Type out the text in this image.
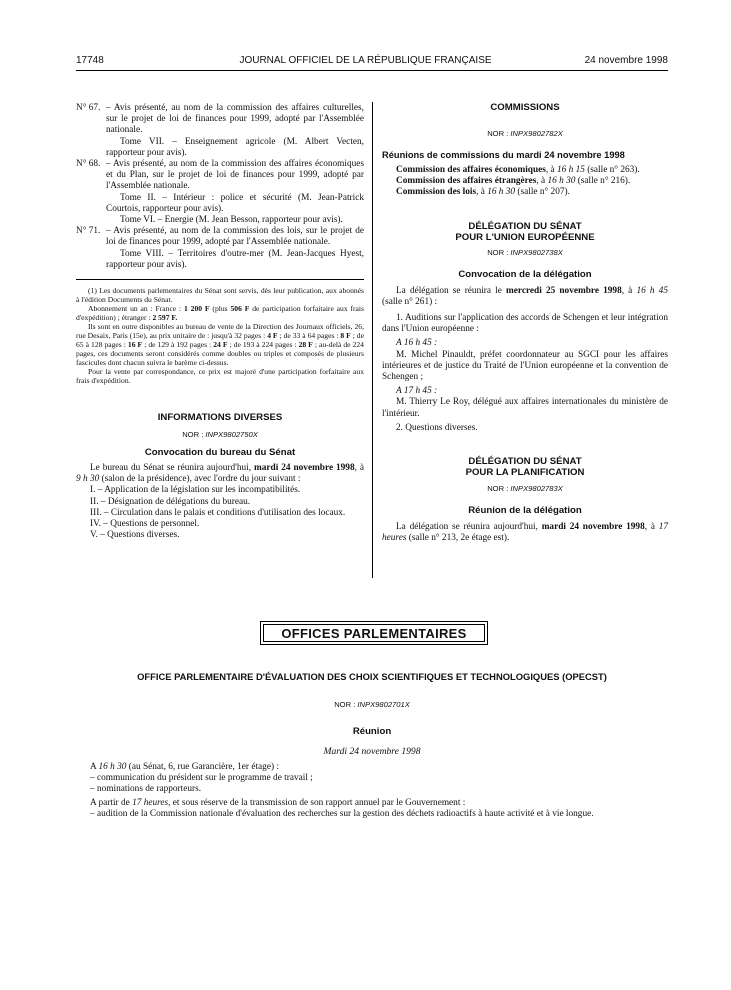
17748	JOURNAL OFFICIEL DE LA RÉPUBLIQUE FRANÇAISE	24 novembre 1998
N° 67. – Avis présenté, au nom de la commission des affaires culturelles, sur le projet de loi de finances pour 1999, adopté par l'Assemblée nationale.

Tome VII. – Enseignement agricole (M. Albert Vecten, rapporteur pour avis).

N° 68. – Avis présenté, au nom de la commission des affaires économiques et du Plan, sur le projet de loi de finances pour 1999, adopté par l'Assemblée nationale.

Tome II. – Intérieur : police et sécurité (M. Jean-Patrick Courtois, rapporteur pour avis).

Tome VI. – Energie (M. Jean Besson, rapporteur pour avis).

N° 71. – Avis présenté, au nom de la commission des lois, sur le projet de loi de finances pour 1999, adopté par l'Assemblée nationale.

Tome VIII. – Territoires d'outre-mer (M. Jean-Jacques Hyest, rapporteur pour avis).

(1) Les documents parlementaires du Sénat sont servis, dès leur publication, aux abonnés à l'édition Documents du Sénat.

Abonnement un an : France : 1 200 F (plus 506 F de participation forfaitaire aux frais d'expédition) ; étranger : 2 597 F.

Ils sont en outre disponibles au bureau de vente de la Direction des Journaux officiels, 26, rue Desaix, Paris (15e), au prix unitaire de : jusqu'à 32 pages : 4 F ; de 33 à 64 pages : 8 F ; de 65 à 128 pages : 16 F ; de 129 à 192 pages : 24 F ; de 193 à 224 pages : 28 F ; au-delà de 224 pages, ces documents seront considérés comme doubles ou triples et composés de plusieurs fascicules dont chacun suivra le barème ci-dessus.

Pour la vente par correspondance, ce prix est majoré d'une participation forfaitaire aux frais d'expédition.

INFORMATIONS DIVERSES
NOR : INPX9802750X
Convocation du bureau du Sénat

Le bureau du Sénat se réunira aujourd'hui, mardi 24 novembre 1998, à 9 h 30 (salon de la présidence), avec l'ordre du jour suivant :

I. – Application de la législation sur les incompatibilités.

II. – Désignation de délégations du bureau.

III. – Circulation dans le palais et conditions d'utilisation des locaux.

IV. – Questions de personnel.

V. – Questions diverses.

COMMISSIONS
NOR : INPX9802782X
Réunions de commissions du mardi 24 novembre 1998

Commission des affaires économiques, à 16 h 15 (salle n° 263).

Commission des affaires étrangères, à 16 h 30 (salle n° 216).

Commission des lois, à 16 h 30 (salle n° 207).

DÉLÉGATION DU SÉNAT
POUR L'UNION EUROPÉENNE
NOR : INPX9802738X
Convocation de la délégation

La délégation se réunira le mercredi 25 novembre 1998, à 16 h 45 (salle n° 261) :

1. Auditions sur l'application des accords de Schengen et leur intégration dans l'Union européenne :

A 16 h 45 :

M. Michel Pinauldt, préfet coordonnateur au SGCI pour les affaires intérieures et de justice du Traité de l'Union européenne et la convention de Schengen ;

A 17 h 45 :

M. Thierry Le Roy, délégué aux affaires internationales du ministère de l'intérieur.

2. Questions diverses.

DÉLÉGATION DU SÉNAT
POUR LA PLANIFICATION
NOR : INPX9802783X
Réunion de la délégation

La délégation se réunira aujourd'hui, mardi 24 novembre 1998, à 17 heures (salle n° 213, 2e étage est).

OFFICES PARLEMENTAIRES
OFFICE PARLEMENTAIRE D'ÉVALUATION DES CHOIX SCIENTIFIQUES ET TECHNOLOGIQUES (OPECST)
NOR : INPX9802701X
Réunion
Mardi 24 novembre 1998

A 16 h 30 (au Sénat, 6, rue Garancière, 1er étage) :

– communication du président sur le programme de travail ;

– nominations de rapporteurs.

A partir de 17 heures, et sous réserve de la transmission de son rapport annuel par le Gouvernement :

– audition de la Commission nationale d'évaluation des recherches sur la gestion des déchets radioactifs à haute activité et à vie longue.
